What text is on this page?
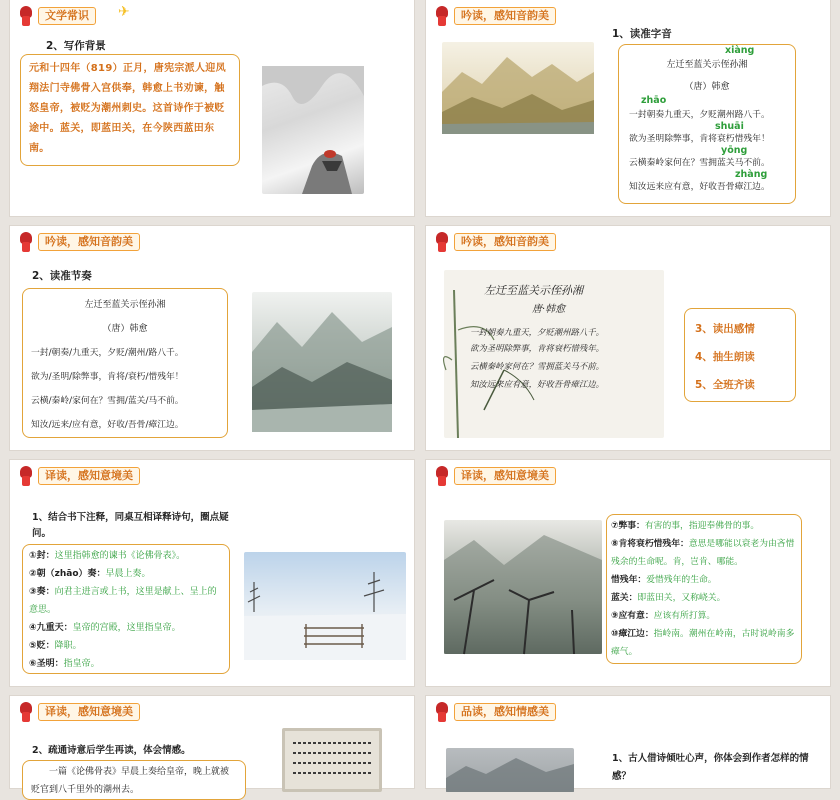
文学常识	✈
2、写作背景
元和十四年（819）正月，唐宪宗派人迎凤翔法门寺佛骨入宫供奉，韩愈上书劝谏，触怒皇帝，被贬为潮州刺史。这首诗作于被贬途中。蓝关，即蓝田关，在今陕西蓝田东南。
吟读，感知音韵美
1、读准字音
xiàng
左迁至蓝关示侄孙湘
（唐）韩愈
zhāo
一封朝奏九重天，夕贬潮州路八千。
shuāi
欲为圣明除弊事，肯将衰朽惜残年！
yōng
云横秦岭家何在？雪拥蓝关马不前。
zhàng
知汝远来应有意，好收吾骨瘴江边。
吟读，感知音韵美
2、读准节奏
左迁至蓝关示侄孙湘
（唐）韩愈
一封/朝奏/九重天，夕贬/潮州/路八千。
欲为/圣明/除弊事，肯将/衰朽/惜残年！
云横/秦岭/家何在？雪拥/蓝关/马不前。
知汝/远来/应有意，好收/吾骨/瘴江边。
吟读，感知音韵美
左迁至蓝关示侄孙湘
唐·韩愈
一封朝奏九重天，夕贬潮州路八千。
欲为圣明除弊事，肯将衰朽惜残年。
云横秦岭家何在？雪拥蓝关马不前。
知汝远来应有意，好收吾骨瘴江边。
3、读出感情
4、抽生朗读
5、全班齐读
译读，感知意境美
1、结合书下注释，同桌互相译释诗句，圈点疑问。
①封：这里指韩愈的谏书《论佛骨表》。
②朝（zhāo）奏：早晨上奏。
③奏：向君主进言或上书，这里是献上、呈上的意思。
④九重天：皇帝的宫殿，这里指皇帝。
⑤贬：降职。
⑥圣明：指皇帝。
译读，感知意境美
⑦弊事：有害的事，指迎奉佛骨的事。
⑧肯将衰朽惜残年：意思是哪能以衰老为由吝惜残余的生命呢。肯，岂肯、哪能。
惜残年：爱惜残年的生命。
蓝关：即蓝田关，又称峣关。
⑨应有意：应该有所打算。
⑩瘴江边：指岭南。潮州在岭南，古时说岭南多瘴气。
译读，感知意境美
2、疏通诗意后学生再读，体会情感。
一篇《论佛骨表》早晨上奏给皇帝，晚上就被贬官到八千里外的潮州去。
品读，感知情感美
1、古人借诗倾吐心声，你体会到作者怎样的情感？
